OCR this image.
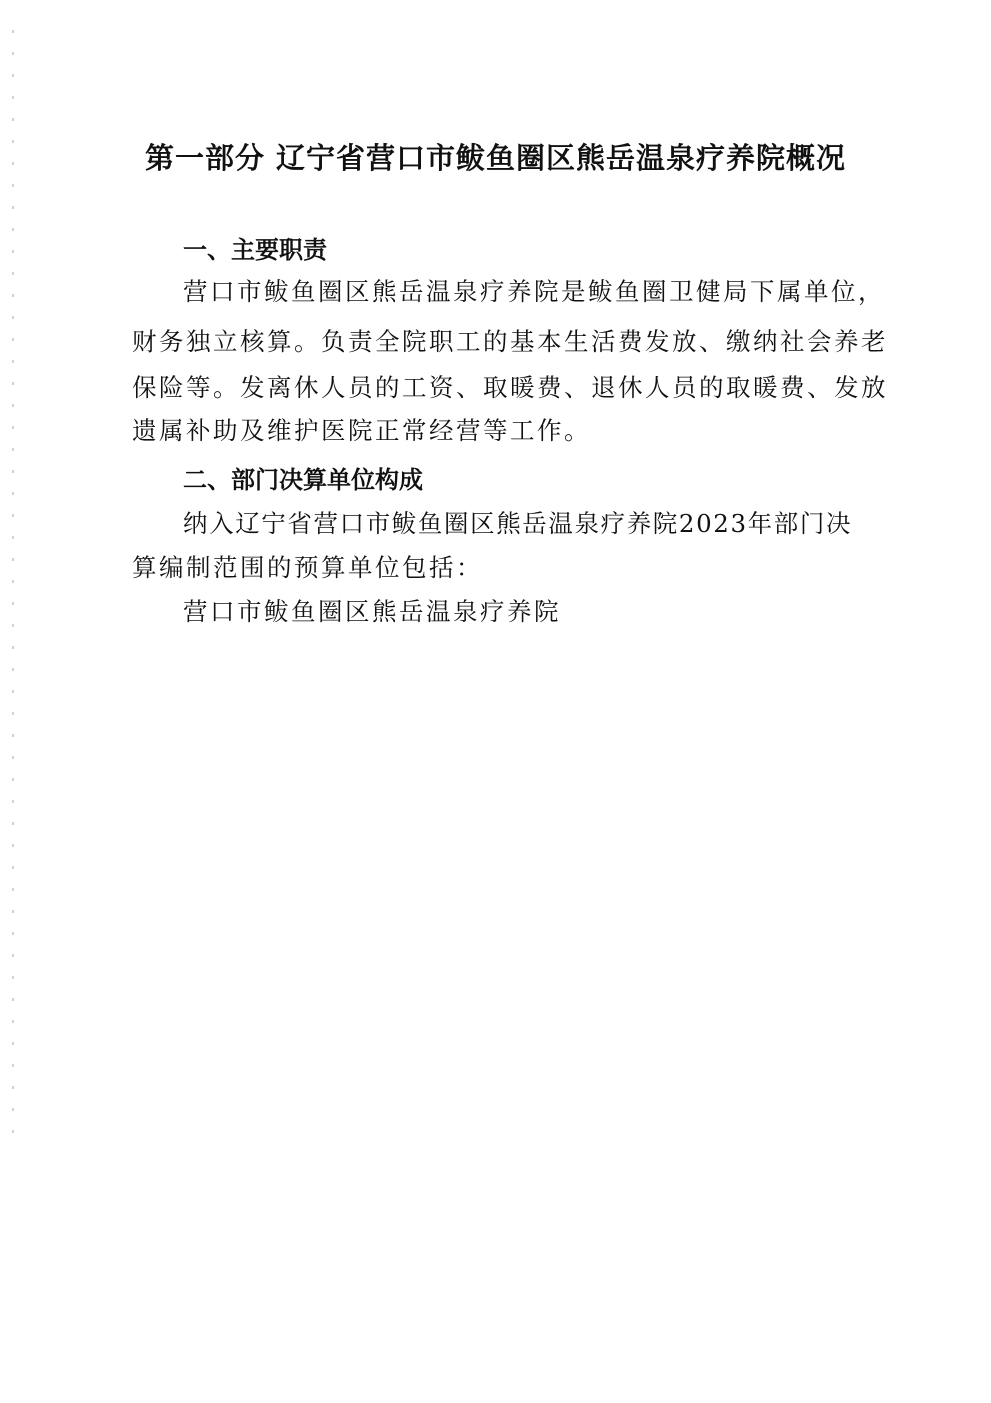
第一部分 辽宁省营口市鲅鱼圈区熊岳温泉疗养院概况
一、主要职责

营口市鲅鱼圈区熊岳温泉疗养院是鲅鱼圈卫健局下属单位，

财务独立核算。负责全院职工的基本生活费发放、缴纳社会养老

保险等。发离休人员的工资、取暖费、退休人员的取暖费、发放

遗属补助及维护医院正常经营等工作。

二、部门决算单位构成

纳入辽宁省营口市鲅鱼圈区熊岳温泉疗养院2023年部门决

算编制范围的预算单位包括：

营口市鲅鱼圈区熊岳温泉疗养院
